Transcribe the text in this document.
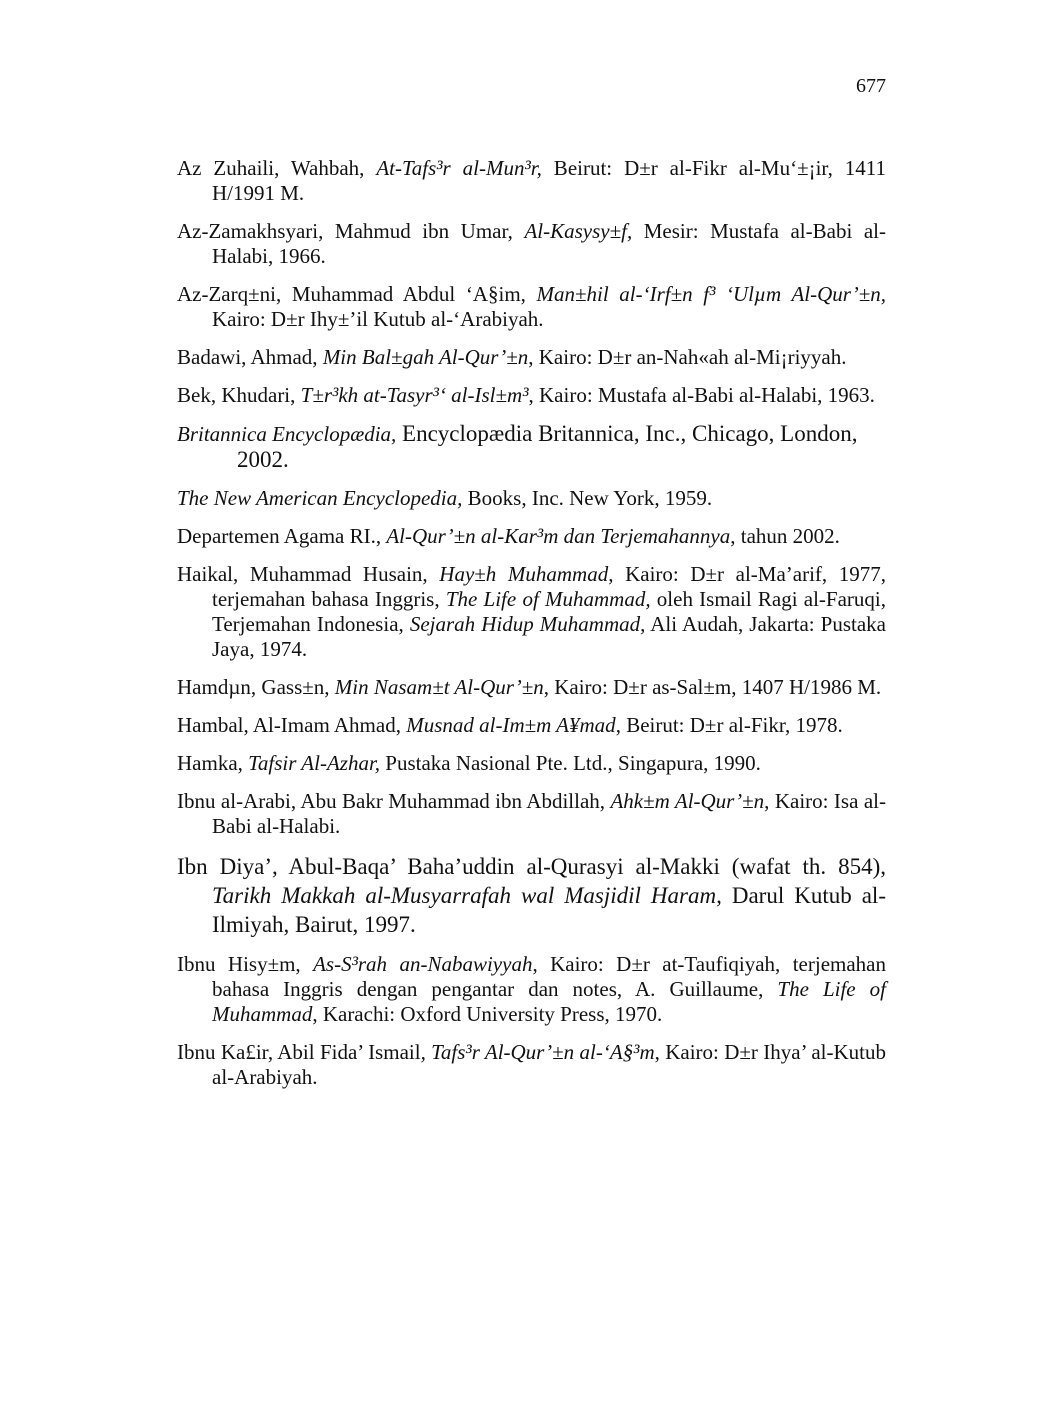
677

Az Zuhaili, Wahbah, At-Tafs³r al-Mun³r, Beirut: D±r al-Fikr al-Mu‘±¡ir, 1411 H/1991 M.

Az-Zamakhsyari, Mahmud ibn Umar, Al-Kasysy±f, Mesir: Mustafa al-Babi al-Halabi, 1966.

Az-Zarq±ni, Muhammad Abdul ‘A§im, Man±hil al-‘Irf±n f³ ‘Ulµm Al-Qur’±n, Kairo: D±r Ihy±’il Kutub al-‘Arabiyah.

Badawi, Ahmad, Min Bal±gah Al-Qur’±n, Kairo: D±r an-Nah«ah al-Mi¡riyyah.

Bek, Khudari, T±r³kh at-Tasyr³‘ al-Isl±m³, Kairo: Mustafa al-Babi al-Halabi, 1963.

Britannica Encyclopædia, Encyclopædia Britannica, Inc., Chicago, London, 2002.

The New American Encyclopedia, Books, Inc. New York, 1959.

Departemen Agama RI., Al-Qur’±n al-Kar³m dan Terjemahannya, tahun 2002.

Haikal, Muhammad Husain, Hay±h Muhammad, Kairo: D±r al-Ma’arif, 1977, terjemahan bahasa Inggris, The Life of Muhammad, oleh Ismail Ragi al-Faruqi, Terjemahan Indonesia, Sejarah Hidup Muhammad, Ali Audah, Jakarta: Pustaka Jaya, 1974.

Hamdµn, Gass±n, Min Nasam±t Al-Qur’±n, Kairo: D±r as-Sal±m, 1407 H/1986 M.

Hambal, Al-Imam Ahmad, Musnad al-Im±m A¥mad, Beirut: D±r al-Fikr, 1978.

Hamka, Tafsir Al-Azhar, Pustaka Nasional Pte. Ltd., Singapura, 1990.

Ibnu al-Arabi, Abu Bakr Muhammad ibn Abdillah, Ahk±m Al-Qur’±n, Kairo: Isa al-Babi al-Halabi.

Ibn Diya’, Abul-Baqa’ Baha’uddin al-Qurasyi al-Makki (wafat th. 854), Tarikh Makkah al-Musyarrafah wal Masjidil Haram, Darul Kutub al-Ilmiyah, Bairut, 1997.

Ibnu Hisy±m, As-S³rah an-Nabawiyyah, Kairo: D±r at-Taufiqiyah, terjemahan bahasa Inggris dengan pengantar dan notes, A. Guillaume, The Life of Muhammad, Karachi: Oxford University Press, 1970.

Ibnu Ka£ir, Abil Fida’ Ismail, Tafs³r Al-Qur’±n al-‘A§³m, Kairo: D±r Ihya’ al-Kutub al-Arabiyah.
